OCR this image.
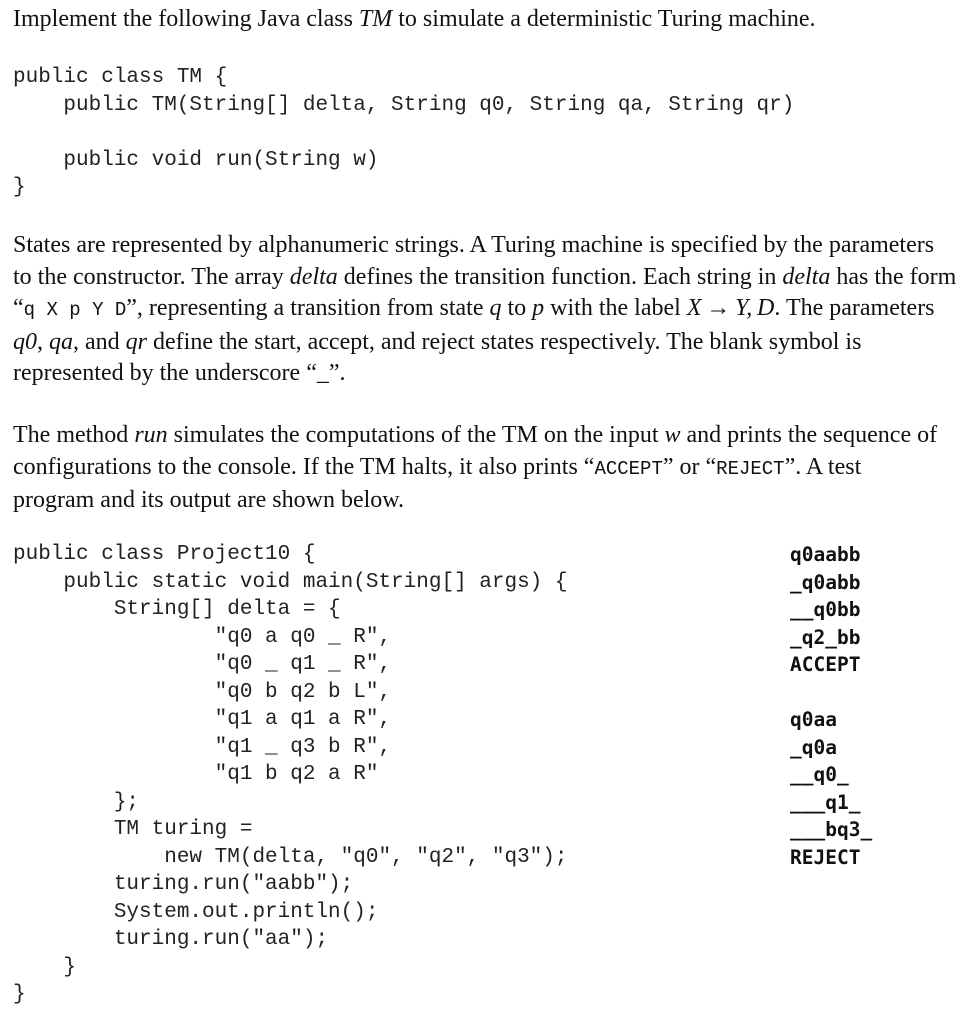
Implement the following Java class TM to simulate a deterministic Turing machine.
public class TM {
public TM(String[] delta, String q0, String qa, String qr)

public void run(String w)
}
States are represented by alphanumeric strings. A Turing machine is specified by the parameters to the constructor. The array delta defines the transition function. Each string in delta has the form “q X p Y D”, representing a transition from state q to p with the label X → Y, D. The parameters q0, qa, and qr define the start, accept, and reject states respectively. The blank symbol is represented by the underscore “_”.
The method run simulates the computations of the TM on the input w and prints the sequence of configurations to the console. If the TM halts, it also prints “ACCEPT” or “REJECT”. A test program and its output are shown below.
public class Project10 {
public static void main(String[] args) {
String[] delta = {
"q0 a q0 _ R",
"q0 _ q1 _ R",
"q0 b q2 b L",
"q1 a q1 a R",
"q1 _ q3 b R",
"q1 b q2 a R"
};
TM turing =
new TM(delta, "q0", "q2", "q3");
turing.run("aabb");
System.out.println();
turing.run("aa");
}
}
q0aabb
_q0abb
__q0bb
_q2_bb
ACCEPT
q0aa
_q0a
__q0_
___q1_
___bq3_
REJECT
